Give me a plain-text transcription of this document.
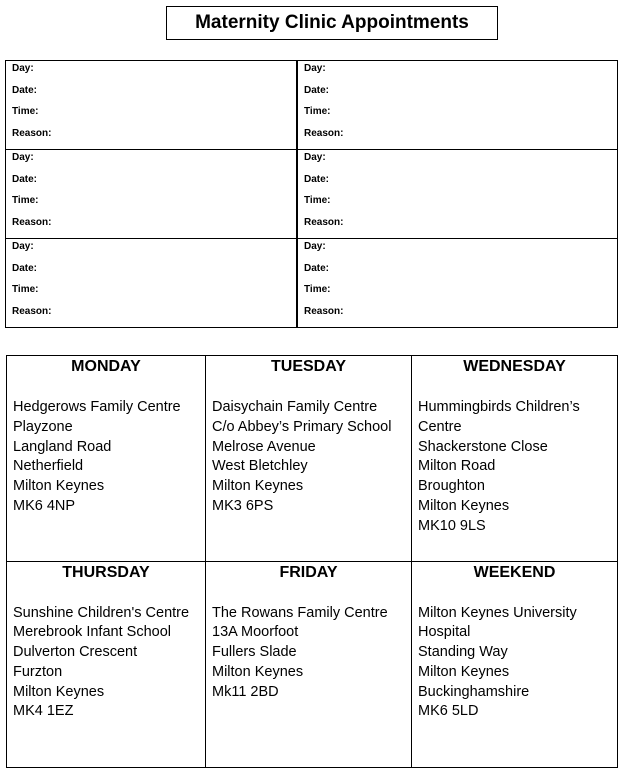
Maternity Clinic Appointments
Day:
Date:
Time:
Reason:
Day:
Date:
Time:
Reason:
Day:
Date:
Time:
Reason:
Day:
Date:
Time:
Reason:
Day:
Date:
Time:
Reason:
Day:
Date:
Time:
Reason:
MONDAY
Hedgerows Family Centre
Playzone
Langland Road
Netherfield
Milton Keynes
MK6 4NP
TUESDAY
Daisychain Family Centre
C/o Abbey’s Primary School
Melrose Avenue
West Bletchley
Milton Keynes
MK3 6PS
WEDNESDAY
Hummingbirds Children’s
Centre
Shackerstone Close
Milton Road
Broughton
Milton Keynes
MK10 9LS
THURSDAY
Sunshine Children's Centre
Merebrook Infant School
Dulverton Crescent
Furzton
Milton Keynes
MK4 1EZ
FRIDAY
The Rowans Family Centre
13A Moorfoot
Fullers Slade
Milton Keynes
Mk11 2BD
WEEKEND
Milton Keynes University
Hospital
Standing Way
Milton Keynes
Buckinghamshire
MK6 5LD
